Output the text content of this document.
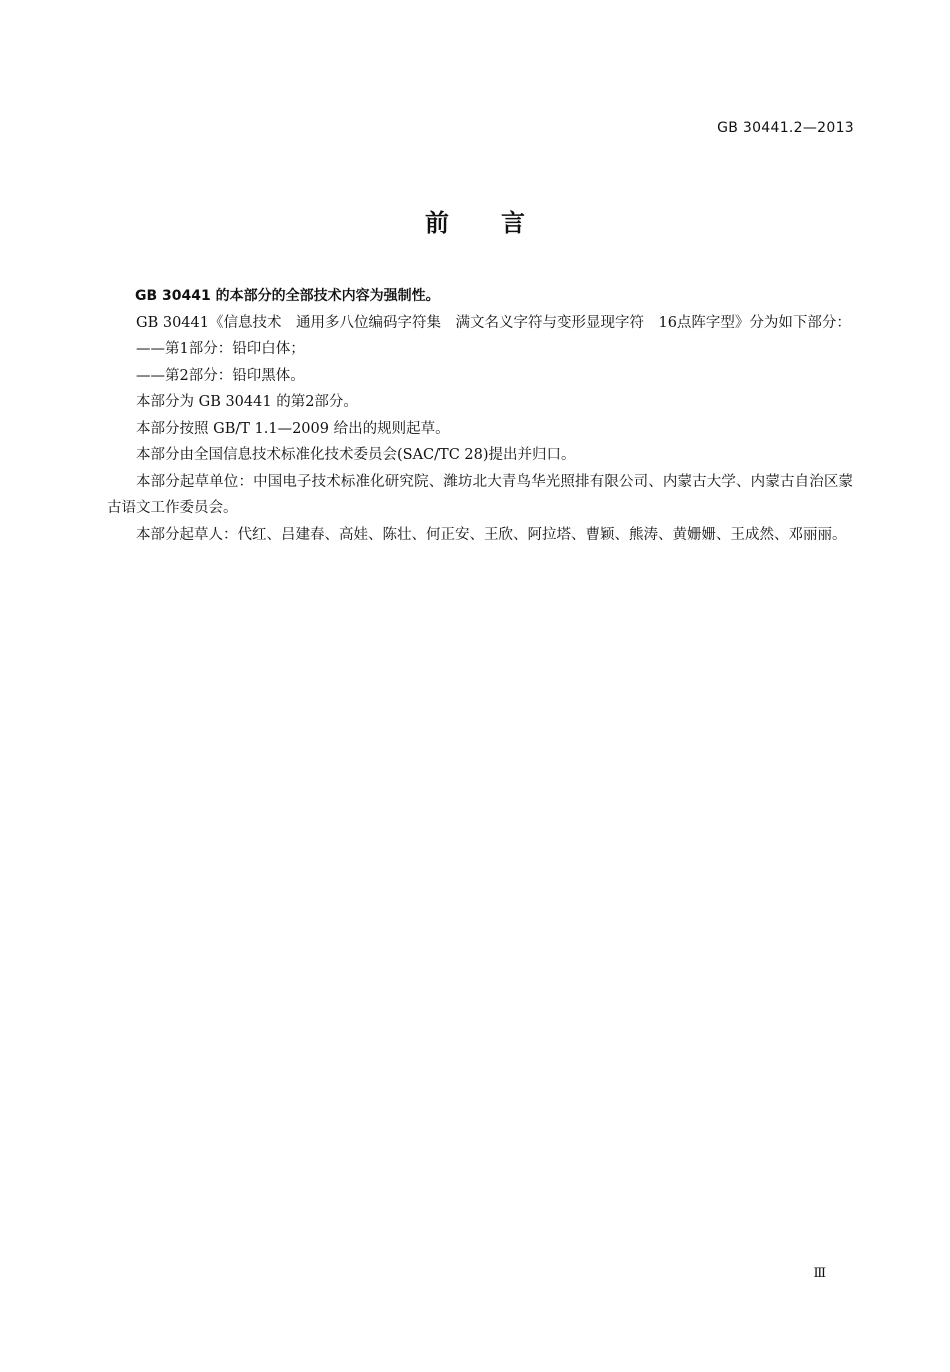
GB 30441.2—2013
前言

GB 30441 的本部分的全部技术内容为强制性。

GB 30441《信息技术　通用多八位编码字符集　满文名义字符与变形显现字符　16点阵字型》分为如下部分：

——第1部分：铅印白体；

——第2部分：铅印黑体。

本部分为 GB 30441 的第2部分。

本部分按照 GB/T 1.1—2009 给出的规则起草。

本部分由全国信息技术标准化技术委员会(SAC/TC 28)提出并归口。

本部分起草单位：中国电子技术标准化研究院、潍坊北大青鸟华光照排有限公司、内蒙古大学、内蒙古自治区蒙古语文工作委员会。

本部分起草人：代红、吕建春、高娃、陈壮、何正安、王欣、阿拉塔、曹颖、熊涛、黄姗姗、王成然、邓丽丽。

Ⅲ
